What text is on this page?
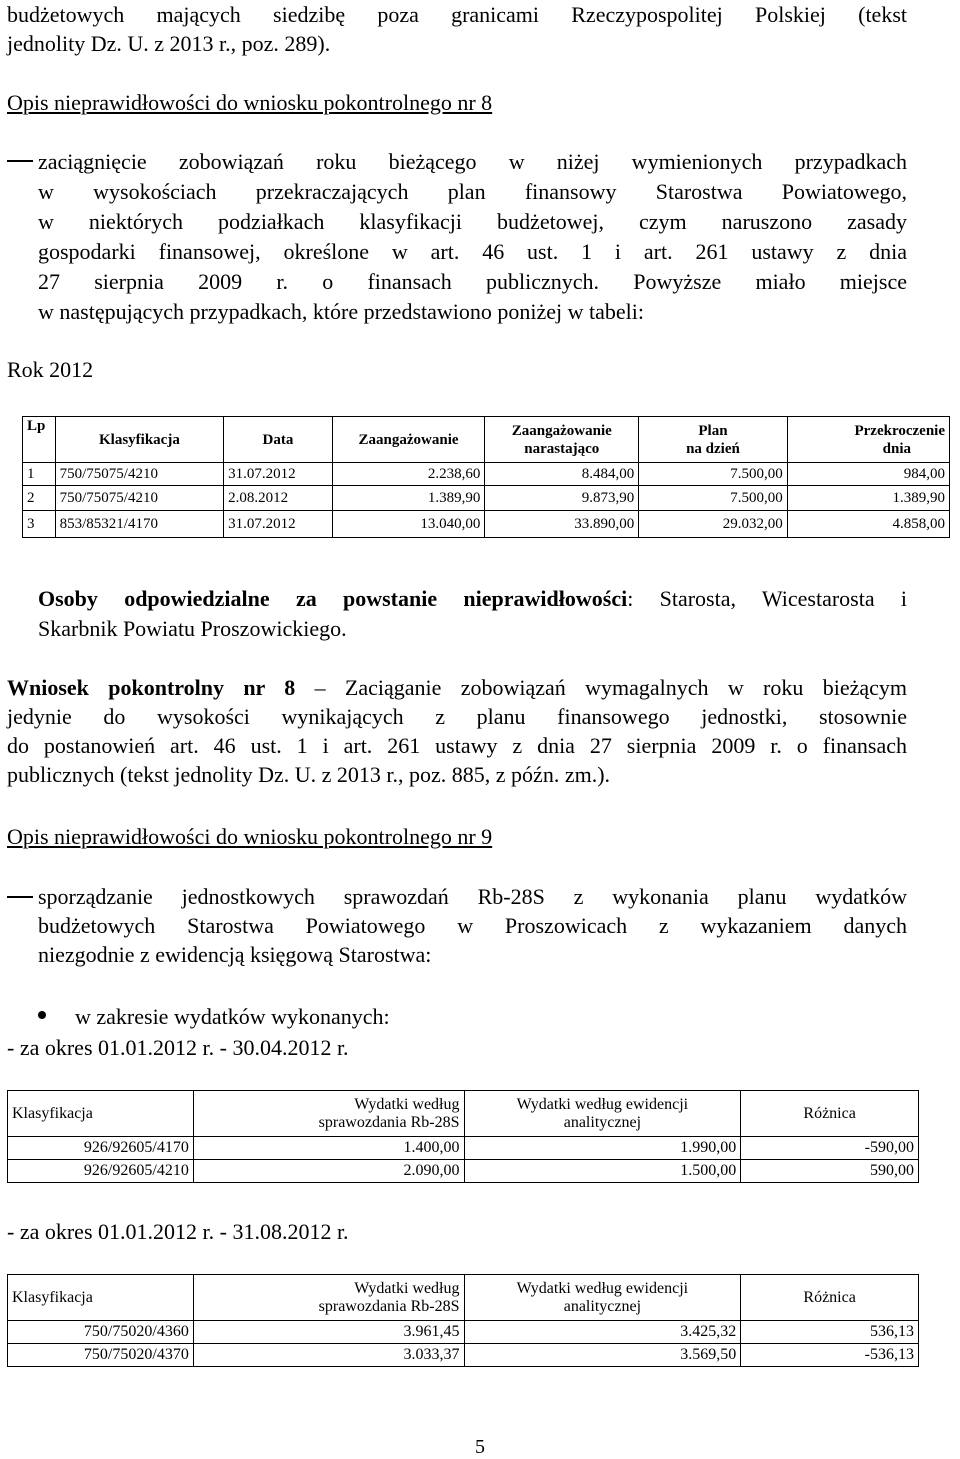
budżetowych mających siedzibę poza granicami Rzeczypospolitej Polskiej (tekst
jednolity Dz. U. z 2013 r., poz. 289).
Opis nieprawidłowości do wniosku pokontrolnego nr 8
zaciągnięcie zobowiązań roku bieżącego w niżej wymienionych przypadkach
w wysokościach przekraczających plan finansowy Starostwa Powiatowego,
w niektórych podziałkach klasyfikacji budżetowej, czym naruszono zasady
gospodarki finansowej, określone w art. 46 ust. 1 i art. 261 ustawy z dnia
27 sierpnia 2009 r. o finansach publicznych. Powyższe miało miejsce
w następujących przypadkach, które przedstawiono poniżej w tabeli:
Rok 2012
Lp	Klasyfikacja	Data	Zaangażowanie	Zaangażowanie
narastająco	Plan
na dzień	Przekroczenie
dnia
1	750/75075/4210	31.07.2012	2.238,60	8.484,00	7.500,00	984,00
2	750/75075/4210	2.08.2012	1.389,90	9.873,90	7.500,00	1.389,90
3	853/85321/4170	31.07.2012	13.040,00	33.890,00	29.032,00	4.858,00
Osoby odpowiedzialne za powstanie nieprawidłowości: Starosta, Wicestarosta i
Skarbnik Powiatu Proszowickiego.
Wniosek pokontrolny nr 8 – Zaciąganie zobowiązań wymagalnych w roku bieżącym
jedynie do wysokości wynikających z planu finansowego jednostki, stosownie
do postanowień art. 46 ust. 1 i art. 261 ustawy z dnia 27 sierpnia 2009 r. o finansach
publicznych (tekst jednolity Dz. U. z 2013 r., poz. 885, z późn. zm.).
Opis nieprawidłowości do wniosku pokontrolnego nr 9
sporządzanie jednostkowych sprawozdań Rb-28S z wykonania planu wydatków
budżetowych Starostwa Powiatowego w Proszowicach z wykazaniem danych
niezgodnie z ewidencją księgową Starostwa:
w zakresie wydatków wykonanych:
- za okres 01.01.2012 r. - 30.04.2012 r.
Klasyfikacja	Wydatki według
sprawozdania Rb-28S	Wydatki według ewidencji
analitycznej	Różnica
926/92605/4170	1.400,00	1.990,00	-590,00
926/92605/4210	2.090,00	1.500,00	590,00
- za okres 01.01.2012 r. - 31.08.2012 r.
Klasyfikacja	Wydatki według
sprawozdania Rb-28S	Wydatki według ewidencji
analitycznej	Różnica
750/75020/4360	3.961,45	3.425,32	536,13
750/75020/4370	3.033,37	3.569,50	-536,13
5
